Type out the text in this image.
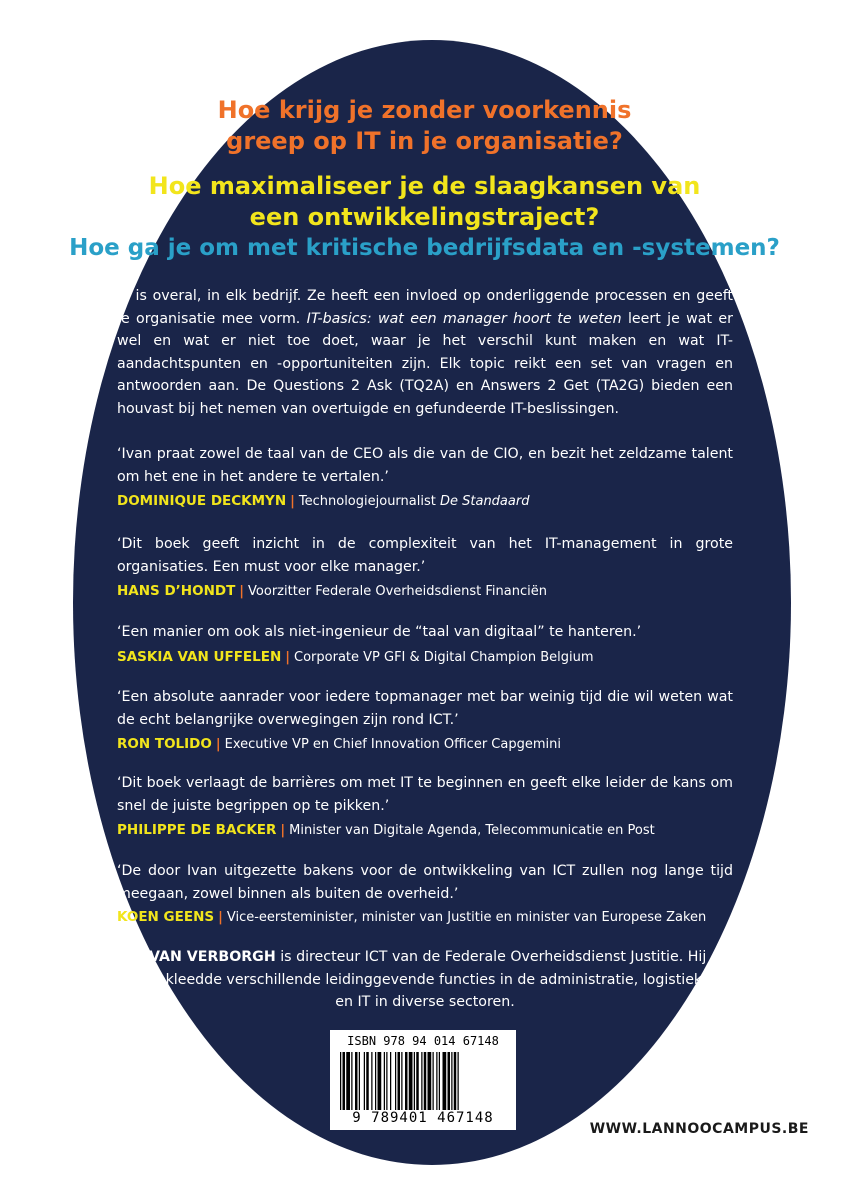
Hoe krijg je zonder voorkennis
greep op IT in je organisatie?
Hoe maximaliseer je de slaagkansen van
een ontwikkelingstraject?
Hoe ga je om met kritische bedrijfsdata en -systemen?
IT is overal, in elk bedrijf. Ze heeft een invloed op onderliggende processen en geeft je organisatie mee vorm. IT-basics: wat een manager hoort te weten leert je wat er wel en wat er niet toe doet, waar je het verschil kunt maken en wat IT-aandachtspunten en -opportuniteiten zijn. Elk topic reikt een set van vragen en antwoorden aan. De Questions 2 Ask (TQ2A) en Answers 2 Get (TA2G) bieden een houvast bij het nemen van overtuigde en gefundeerde IT-beslissingen.
‘Ivan praat zowel de taal van de CEO als die van de CIO, en bezit het zeldzame talent om het ene in het andere te vertalen.’
DOMINIQUE DECKMYN | Technologiejournalist De Standaard
‘Dit boek geeft inzicht in de complexiteit van het IT-management in grote organisaties. Een must voor elke manager.’
HANS D’HONDT | Voorzitter Federale Overheidsdienst Financiën
‘Een manier om ook als niet-ingenieur de “taal van digitaal” te hanteren.’
SASKIA VAN UFFELEN | Corporate VP GFI & Digital Champion Belgium
‘Een absolute aanrader voor iedere topmanager met bar weinig tijd die wil weten wat de echt belangrijke overwegingen zijn rond ICT.’
RON TOLIDO | Executive VP en Chief Innovation Officer Capgemini
‘Dit boek verlaagt de barrières om met IT te beginnen en geeft elke leider de kans om snel de juiste begrippen op te pikken.’
PHILIPPE DE BACKER | Minister van Digitale Agenda, Telecommunicatie en Post
‘De door Ivan uitgezette bakens voor de ontwikkeling van ICT zullen nog lange tijd meegaan, zowel binnen als buiten de overheid.’
KOEN GEENS | Vice-eersteminister, minister van Justitie en minister van Europese Zaken
IVAN VERBORGH is directeur ICT van de Federale Overheidsdienst Justitie. Hij bekleedde verschillende leidinggevende functies in de administratie, logistiek en IT in diverse sectoren.
ISBN 978 94 014 67148
9 789401 467148
WWW.LANNOOCAMPUS.BE
